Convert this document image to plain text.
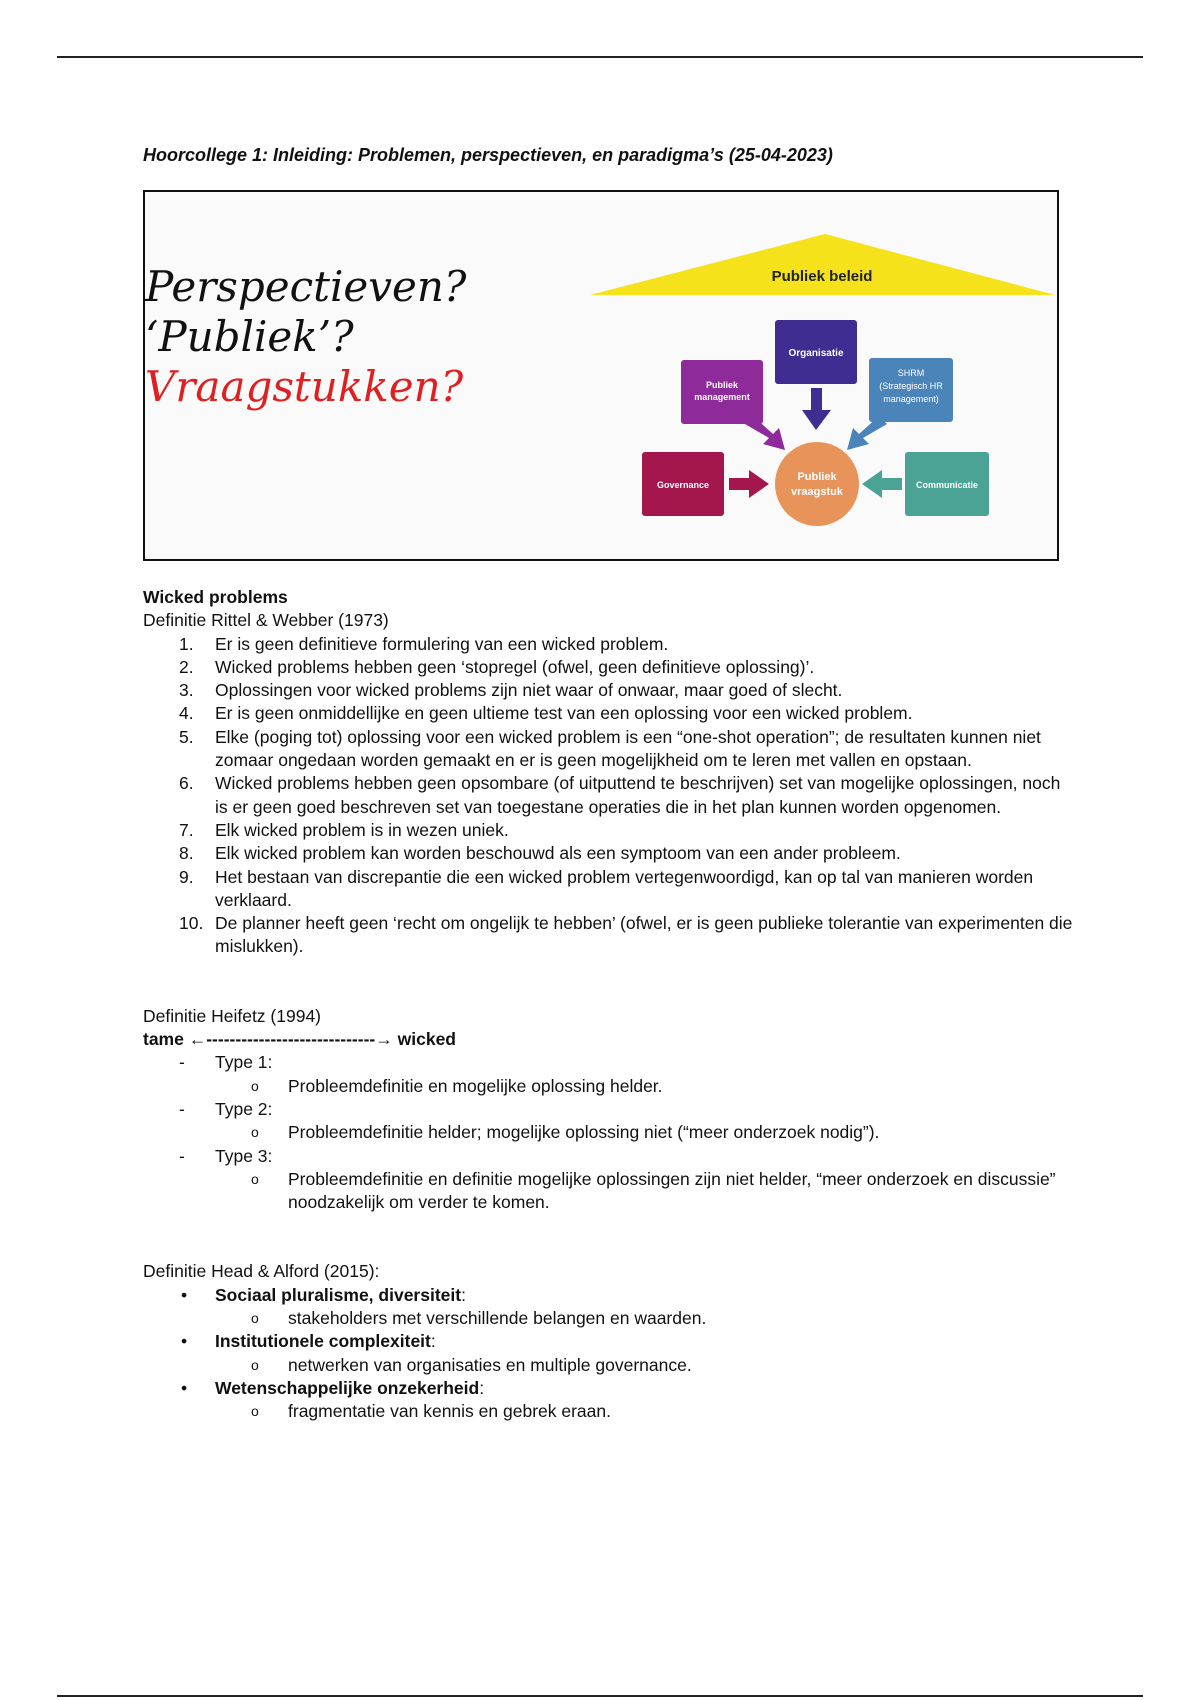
Hoorcollege 1: Inleiding: Problemen, perspectieven, en paradigma’s (25-04-2023)
Perspectieven?
‘Publiek’?
Vraagstukken?
Publiek beleid
Organisatie
Publiek
management
SHRM
(Strategisch HR
management)
Governance	Communicatie
Publiek
vraagstuk

Wicked problems

Definitie Rittel & Webber (1973)

1.	Er is geen definitieve formulering van een wicked problem.
2.	Wicked problems hebben geen ‘stopregel (ofwel, geen definitieve oplossing)’.
3.	Oplossingen voor wicked problems zijn niet waar of onwaar, maar goed of slecht.
4.	Er is geen onmiddellijke en geen ultieme test van een oplossing voor een wicked problem.
5.	Elke (poging tot) oplossing voor een wicked problem is een “one-shot operation”; de resultaten kunnen niet zomaar ongedaan worden gemaakt en er is geen mogelijkheid om te leren met vallen en opstaan.
6.	Wicked problems hebben geen opsombare (of uitputtend te beschrijven) set van mogelijke oplossingen, noch is er geen goed beschreven set van toegestane operaties die in het plan kunnen worden opgenomen.
7.	Elk wicked problem is in wezen uniek.
8.	Elk wicked problem kan worden beschouwd als een symptoom van een ander probleem.
9.	Het bestaan van discrepantie die een wicked problem vertegenwoordigd, kan op tal van manieren worden verklaard.
10. De planner heeft geen ‘recht om ongelijk te hebben’ (ofwel, er is geen publieke tolerantie van experimenten die mislukken).

Definitie Heifetz (1994)

tame ←-----------------------------→ wicked

- Type 1:
o Probleemdefinitie en mogelijke oplossing helder.
- Type 2:
o Probleemdefinitie helder; mogelijke oplossing niet (“meer onderzoek nodig”).
- Type 3:
o Probleemdefinitie en definitie mogelijke oplossingen zijn niet helder, “meer onderzoek en discussie” noodzakelijk om verder te komen.

Definitie Head & Alford (2015):

• Sociaal pluralisme, diversiteit:
o stakeholders met verschillende belangen en waarden.
• Institutionele complexiteit:
o netwerken van organisaties en multiple governance.
• Wetenschappelijke onzekerheid:
o fragmentatie van kennis en gebrek eraan.
